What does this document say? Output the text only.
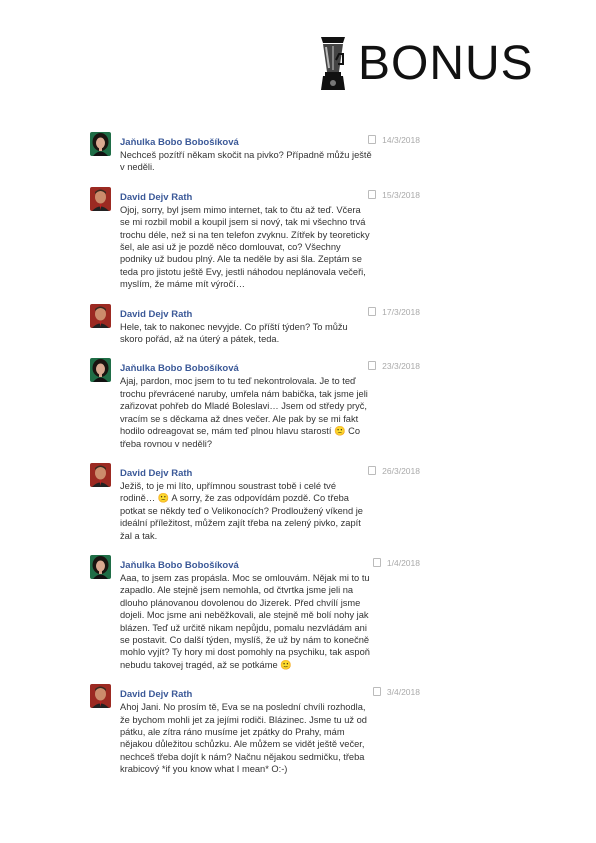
BONUS
Jaňulka Bobo Bobošíková	14/3/2018
Nechceš pozítří někam skočit na pivko? Případně můžu ještě
v neděli.
David Dejv Rath	15/3/2018
Ojoj, sorry, byl jsem mimo internet, tak to čtu až teď. Včera
se mi rozbil mobil a koupil jsem si nový, tak mi všechno trvá
trochu déle, než si na ten telefon zvyknu. Zítřek by teoreticky
šel, ale asi už je pozdě něco domlouvat, co? Všechny
podniky už budou plný. Ale ta neděle by asi šla. Zeptám se
teda pro jistotu ještě Evy, jestli náhodou neplánovala večeři,
myslím, že máme mít výročí…
David Dejv Rath	17/3/2018
Hele, tak to nakonec nevyjde. Co příští týden? To můžu
skoro pořád, až na úterý a pátek, teda.
Jaňulka Bobo Bobošíková	23/3/2018
Ajaj, pardon, moc jsem to tu teď nekontrolovala. Je to teď
trochu převrácené naruby, umřela nám babička, tak jsme jeli
zařizovat pohřeb do Mladé Boleslavi… Jsem od středy pryč,
vracím se s děckama až dnes večer. Ale pak by se mi fakt
hodilo odreagovat se, mám teď plnou hlavu starostí 🙁 Co
třeba rovnou v neděli?
David Dejv Rath	26/3/2018
Ježiš, to je mi líto, upřímnou soustrast tobě i celé tvé
rodině… 🙁 A sorry, že zas odpovídám pozdě. Co třeba
potkat se někdy teď o Velikonocích? Prodloužený víkend je
ideální příležitost, můžem zajít třeba na zelený pivko, zapít
žal a tak.
Jaňulka Bobo Bobošíková	1/4/2018
Aaa, to jsem zas propásla. Moc se omlouvám. Nějak mi to tu
zapadlo. Ale stejně jsem nemohla, od čtvrtka jsme jeli na
dlouho plánovanou dovolenou do Jizerek. Před chvílí jsme
dojeli. Moc jsme ani neběžkovali, ale stejně mě bolí nohy jak
blázen. Teď už určitě nikam nepůjdu, pomalu nezvládám ani
se postavit. Co další týden, myslíš, že už by nám to konečně
mohlo vyjít? Ty hory mi dost pomohly na psychiku, tak aspoň
nebudu takovej tragéd, až se potkáme 🙂
David Dejv Rath	3/4/2018
Ahoj Jani. No prosím tě, Eva se na poslední chvíli rozhodla,
že bychom mohli jet za jejími rodiči. Blázinec. Jsme tu už od
pátku, ale zítra ráno musíme jet zpátky do Prahy, mám
nějakou důležitou schůzku. Ale můžem se vidět ještě večer,
nechceš třeba dojít k nám? Načnu nějakou sedmičku, třeba
krabicový *if you know what I mean* O:-)
